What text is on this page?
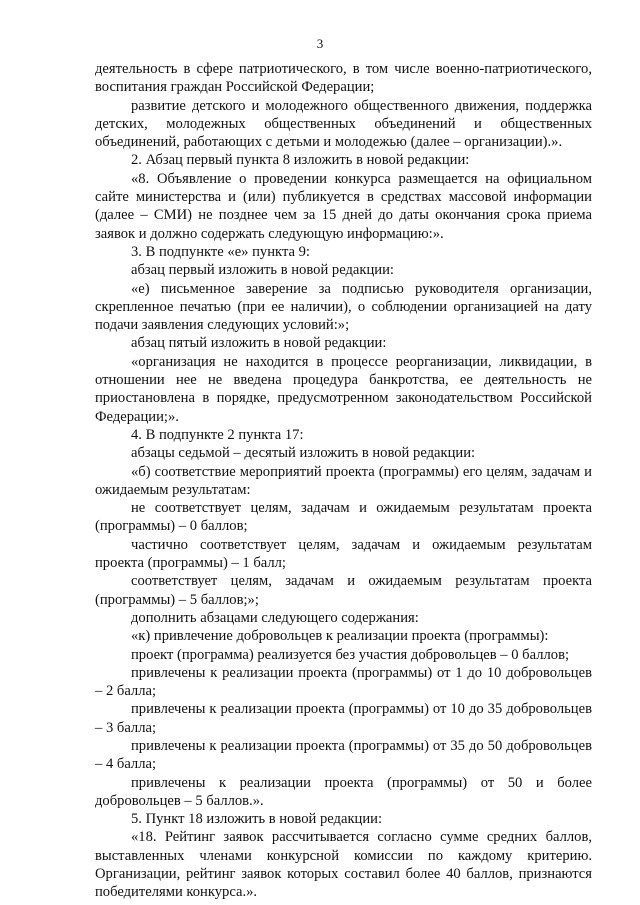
3

деятельность в сфере патриотического, в том числе военно-патриотического, воспитания граждан Российской Федерации;

развитие детского и молодежного общественного движения, поддержка детских, молодежных общественных объединений и общественных объединений, работающих с детьми и молодежью (далее – организации).».

2. Абзац первый пункта 8 изложить в новой редакции:

«8. Объявление о проведении конкурса размещается на официальном сайте министерства и (или) публикуется в средствах массовой информации (далее – СМИ) не позднее чем за 15 дней до даты окончания срока приема заявок и должно содержать следующую информацию:».

3. В подпункте «е» пункта 9:

абзац первый изложить в новой редакции:

«е) письменное заверение за подписью руководителя организации, скрепленное печатью (при ее наличии), о соблюдении организацией на дату подачи заявления следующих условий:»;

абзац пятый изложить в новой редакции:

«организация не находится в процессе реорганизации, ликвидации, в отношении нее не введена процедура банкротства, ее деятельность не приостановлена в порядке, предусмотренном законодательством Российской Федерации;».

4. В подпункте 2 пункта 17:

абзацы седьмой – десятый изложить в новой редакции:

«б) соответствие мероприятий проекта (программы) его целям, задачам и ожидаемым результатам:

не соответствует целям, задачам и ожидаемым результатам проекта (программы) – 0 баллов;

частично соответствует целям, задачам и ожидаемым результатам проекта (программы) – 1 балл;

соответствует целям, задачам и ожидаемым результатам проекта (программы) – 5 баллов;»;

дополнить абзацами следующего содержания:

«к) привлечение добровольцев к реализации проекта (программы):

проект (программа) реализуется без участия добровольцев – 0 баллов;

привлечены к реализации проекта (программы) от 1 до 10 добровольцев – 2 балла;

привлечены к реализации проекта (программы) от 10 до 35 добровольцев – 3 балла;

привлечены к реализации проекта (программы) от 35 до 50 добровольцев – 4 балла;

привлечены к реализации проекта (программы) от 50 и более добровольцев – 5 баллов.».

5. Пункт 18 изложить в новой редакции:

«18. Рейтинг заявок рассчитывается согласно сумме средних баллов, выставленных членами конкурсной комиссии по каждому критерию. Организации, рейтинг заявок которых составил более 40 баллов, признаются победителями конкурса.».
